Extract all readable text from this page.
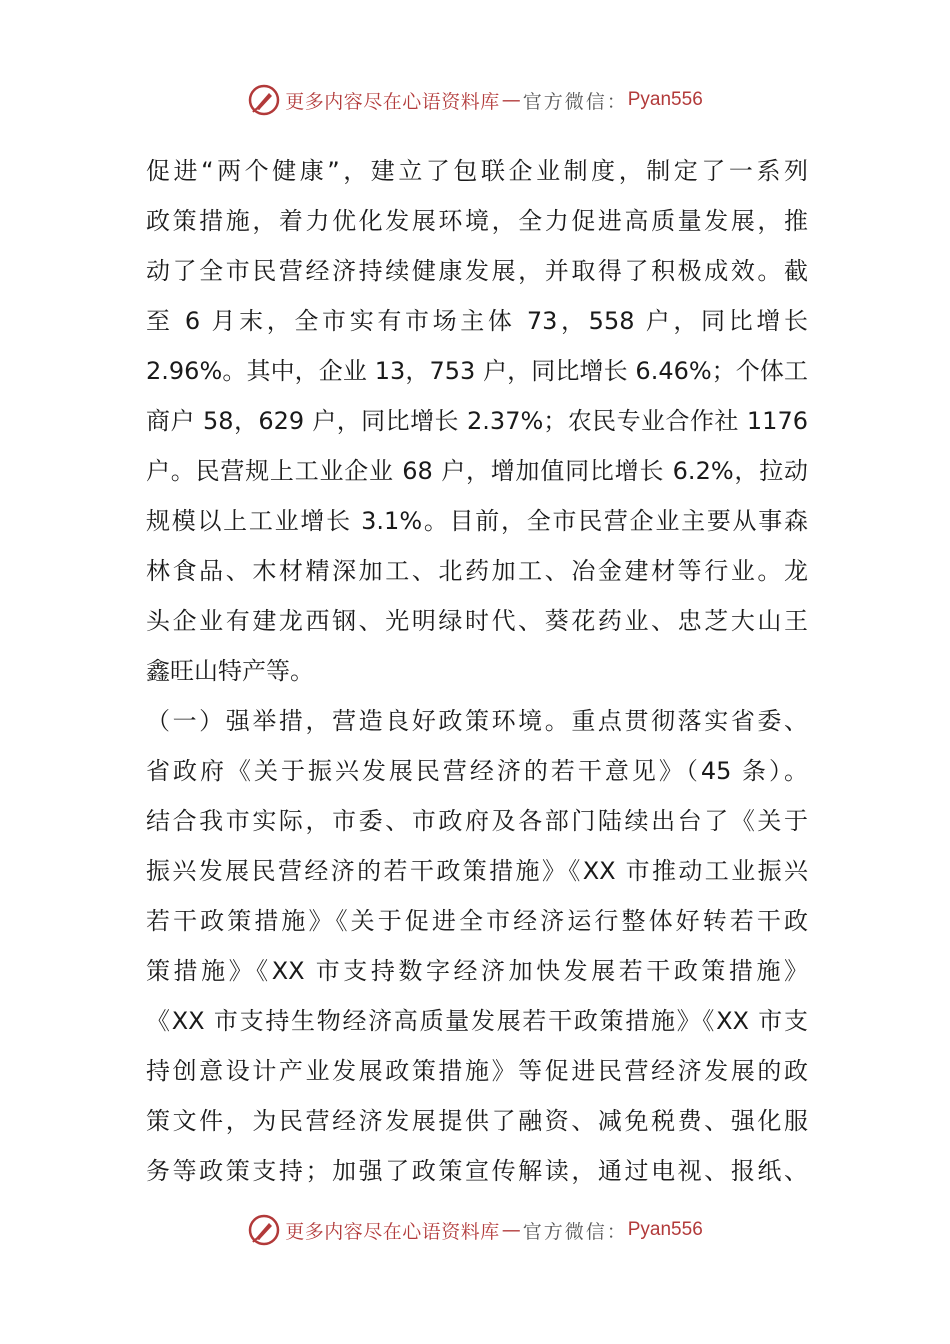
更多内容尽在心语资料库 — 官方微信： Pyan556
促进“两个健康”，建立了包联企业制度，制定了一系列
政策措施，着力优化发展环境，全力促进高质量发展，推
动了全市民营经济持续健康发展，并取得了积极成效。截
至 6 月末，全市实有市场主体 73，558 户，同比增长
2.96%。其中，企业 13，753 户，同比增长 6.46%；个体工
商户 58，629 户，同比增长 2.37%；农民专业合作社 1176
户。民营规上工业企业 68 户，增加值同比增长 6.2%，拉动
规模以上工业增长 3.1%。目前，全市民营企业主要从事森
林食品、木材精深加工、北药加工、冶金建材等行业。龙
头企业有建龙西钢、光明绿时代、葵花药业、忠芝大山王
鑫旺山特产等。
（一）强举措，营造良好政策环境。重点贯彻落实省委、
省政府《关于振兴发展民营经济的若干意见》（45 条）。
结合我市实际，市委、市政府及各部门陆续出台了《关于
振兴发展民营经济的若干政策措施》《XX 市推动工业振兴
若干政策措施》《关于促进全市经济运行整体好转若干政
策措施》《XX 市支持数字经济加快发展若干政策措施》
《XX 市支持生物经济高质量发展若干政策措施》《XX 市支
持创意设计产业发展政策措施》等促进民营经济发展的政
策文件，为民营经济发展提供了融资、减免税费、强化服
务等政策支持；加强了政策宣传解读，通过电视、报纸、
更多内容尽在心语资料库 — 官方微信： Pyan556
